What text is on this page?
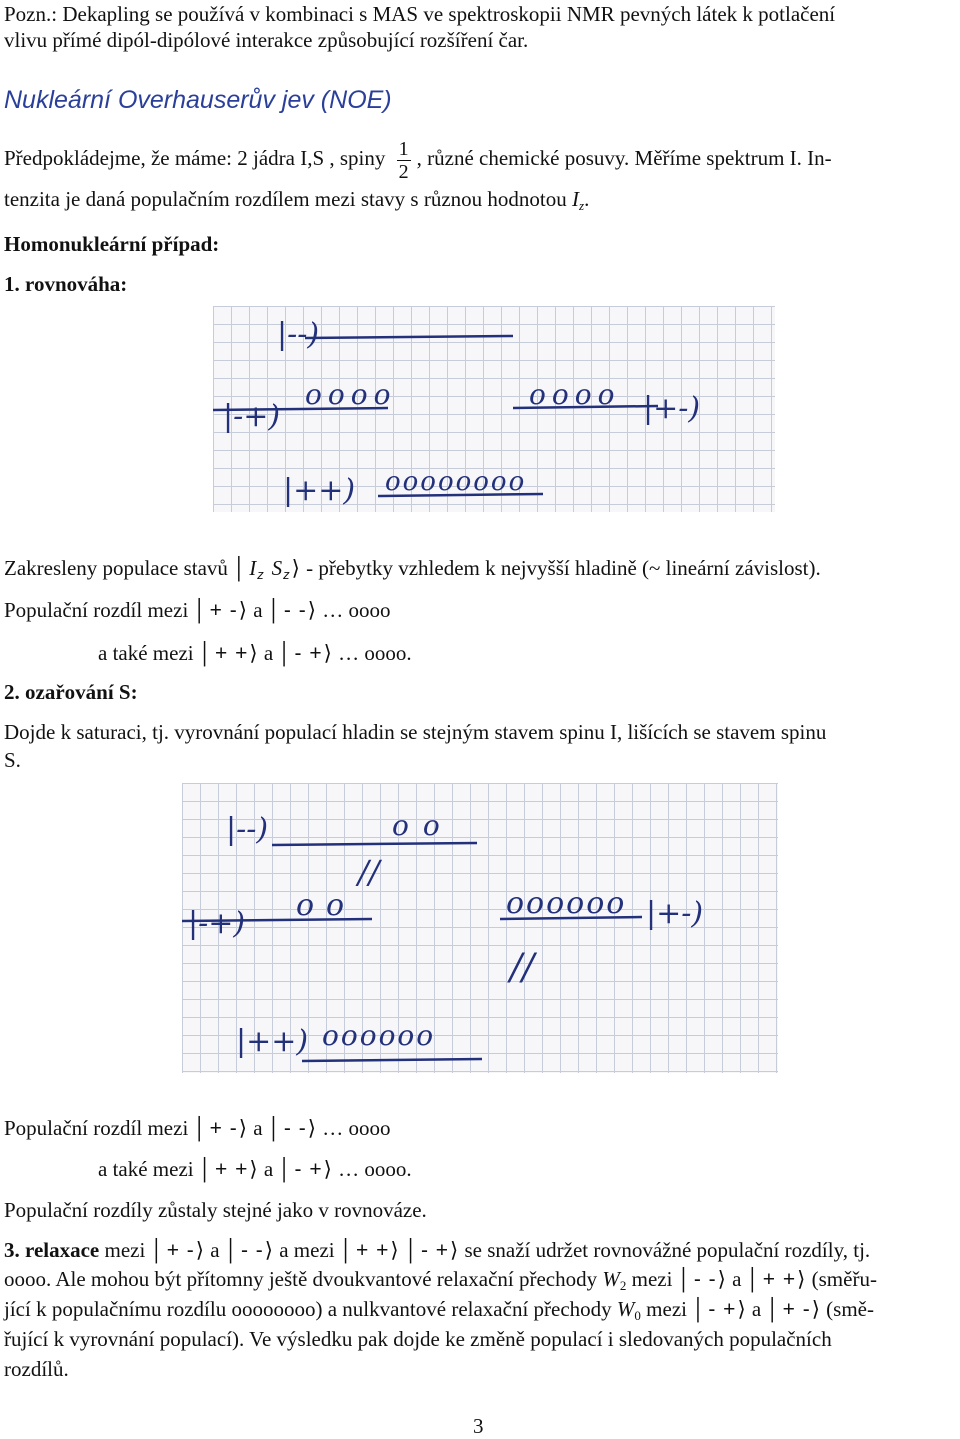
Pozn.: Dekapling se používá v kombinaci s MAS ve spektroskopii NMR pevných látek k potlačení
vlivu přímé dipól-dipólové interakce způsobující rozšíření čar.
Nukleární Overhauserův jev (NOE)
Předpokládejme, že máme: 2 jádra I,S , spiny $\frac{1}{2}$ , různé chemické posuvy. Měříme spektrum I. In-
tenzita je daná populačním rozdílem mezi stavy s různou hodnotou $I_z$.
Homonukleární případ:
1. rovnováha:
|--)
|-+)
oooo	oooo |+-)
|++) oooooooo
Zakresleny populace stavů │ $I_z$ $S_z$ ⟩ - přebytky vzhledem k nejvyšší hladině (~ lineární závislost).
Populační rozdíl mezi │ + - ⟩ a │ - - ⟩ … oooo
a také mezi │ + + ⟩ a │ - + ⟩ … oooo.
2. ozařování S:
Dojde k saturaci, tj. vyrovnání populací hladin se stejným stavem spinu I, lišících se stavem spinu
S.
|--)	oo
//
|-+)
oo	oooooo |+-)
//
|++) oooooo
Populační rozdíl mezi │ + - ⟩ a │ - - ⟩ … oooo
a také mezi │ + + ⟩ a │ - + ⟩ … oooo.
Populační rozdíly zůstaly stejné jako v rovnováze.
3. relaxace mezi │ + - ⟩ a │ - - ⟩ a mezi │ + + ⟩ │ - + ⟩ se snaží udržet rovnovážné populační rozdíly, tj.
oooo. Ale mohou být přítomny ještě dvoukvantové relaxační přechody $W_2$ mezi │ - - ⟩ a │ + + ⟩ (směřu-
jící k populačnímu rozdílu oooooooo) a nulkvantové relaxační přechody $W_0$ mezi │ - + ⟩ a │ + - ⟩ (smě-
řující k vyrovnání populací). Ve výsledku pak dojde ke změně populací i sledovaných populačních
rozdílů.
3
